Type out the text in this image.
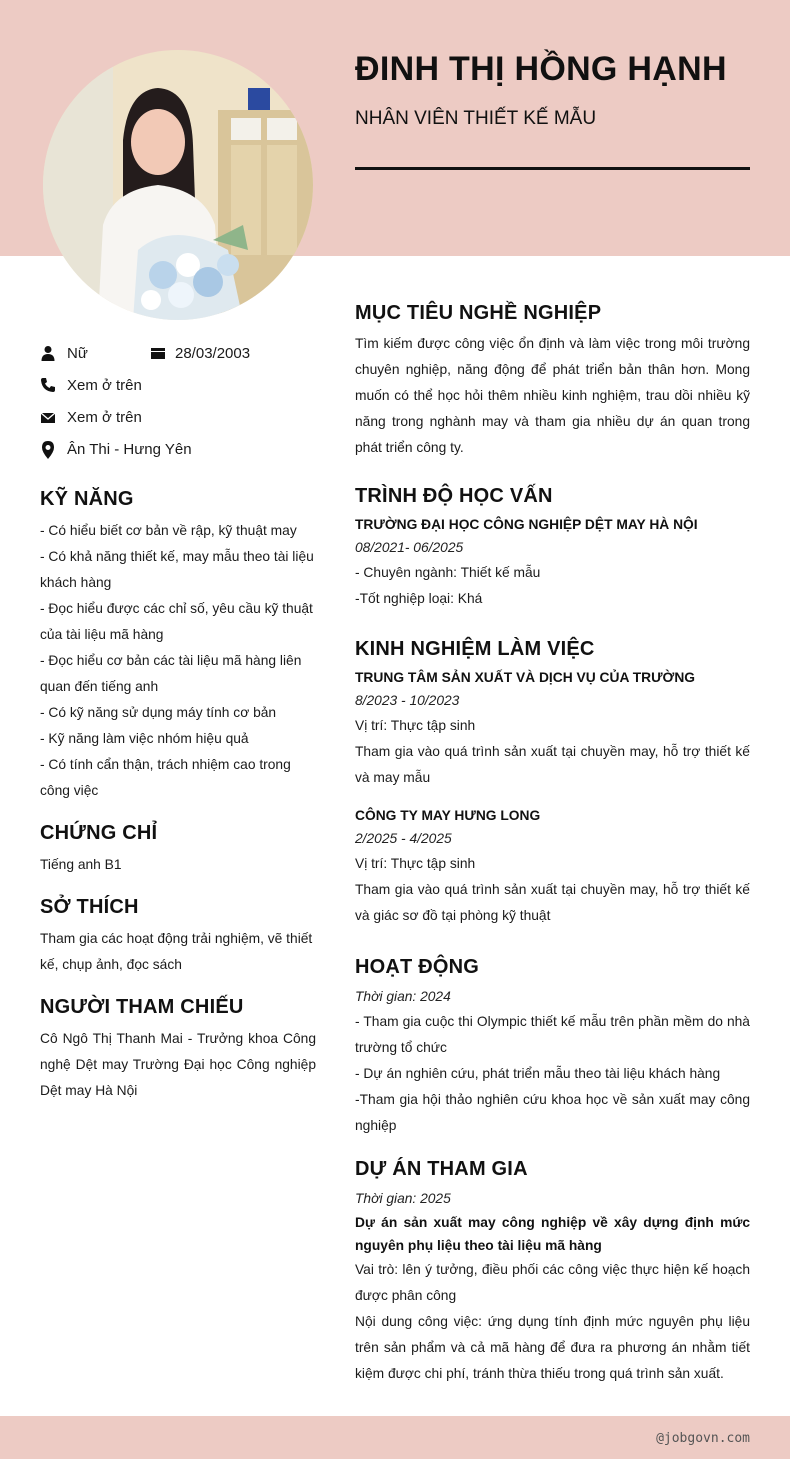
ĐINH THỊ HỒNG HẠNH
NHÂN VIÊN THIẾT KẾ MẪU
Nữ	28/03/2003
Xem ở trên
Xem ở trên
Ân Thi - Hưng Yên
KỸ NĂNG
- Có hiểu biết cơ bản về rập, kỹ thuật may
- Có khả năng thiết kế, may mẫu theo tài liệu khách hàng
- Đọc hiểu được các chỉ số, yêu cầu kỹ thuật của tài liệu mã hàng
- Đọc hiểu cơ bản các tài liệu mã hàng liên quan đến tiếng anh
- Có kỹ năng sử dụng máy tính cơ bản
- Kỹ năng làm việc nhóm hiệu quả
- Có tính cẩn thận, trách nhiệm cao trong công việc
CHỨNG CHỈ
Tiếng anh B1
SỞ THÍCH
Tham gia các hoạt động trải nghiệm, vẽ thiết kế, chụp ảnh, đọc sách
NGƯỜI THAM CHIẾU
Cô Ngô Thị Thanh Mai - Trưởng khoa Công nghệ Dệt may Trường Đại học Công nghiệp Dệt may Hà Nội
MỤC TIÊU NGHỀ NGHIỆP
Tìm kiếm được công việc ổn định và làm việc trong môi trường chuyên nghiệp, năng động để phát triển bản thân hơn. Mong muốn có thể học hỏi thêm nhiều kinh nghiệm, trau dồi nhiều kỹ năng trong nghành may và tham gia nhiều dự án quan trong phát triển công ty.
TRÌNH ĐỘ HỌC VẤN
TRƯỜNG ĐẠI HỌC CÔNG NGHIỆP DỆT MAY HÀ NỘI
08/2021- 06/2025
- Chuyên ngành: Thiết kế mẫu
-Tốt nghiệp loại: Khá
KINH NGHIỆM LÀM VIỆC
TRUNG TÂM SẢN XUẤT VÀ DỊCH VỤ CỦA TRƯỜNG
8/2023 - 10/2023
Vị trí: Thực tập sinh
Tham gia vào quá trình sản xuất tại chuyền may, hỗ trợ thiết kế và may mẫu
CÔNG TY MAY HƯNG LONG
2/2025 - 4/2025
Vị trí: Thực tập sinh
Tham gia vào quá trình sản xuất tại chuyền may, hỗ trợ thiết kế và giác sơ đồ tại phòng kỹ thuật
HOẠT ĐỘNG
Thời gian: 2024
- Tham gia cuộc thi Olympic thiết kế mẫu trên phần mềm do nhà trường tổ chức
- Dự án nghiên cứu, phát triển mẫu theo tài liệu khách hàng
-Tham gia hội thảo nghiên cứu khoa học về sản xuất may công nghiệp
DỰ ÁN THAM GIA
Thời gian: 2025
Dự án sản xuất may công nghiệp về xây dựng định mức nguyên phụ liệu theo tài liệu mã hàng
Vai trò: lên ý tưởng, điều phối các công việc thực hiện kế hoạch được phân công
Nội dung công việc: ứng dụng tính định mức nguyên phụ liệu trên sản phẩm và cả mã hàng để đưa ra phương án nhằm tiết kiệm được chi phí, tránh thừa thiếu trong quá trình sản xuất.
@jobgovn.com
